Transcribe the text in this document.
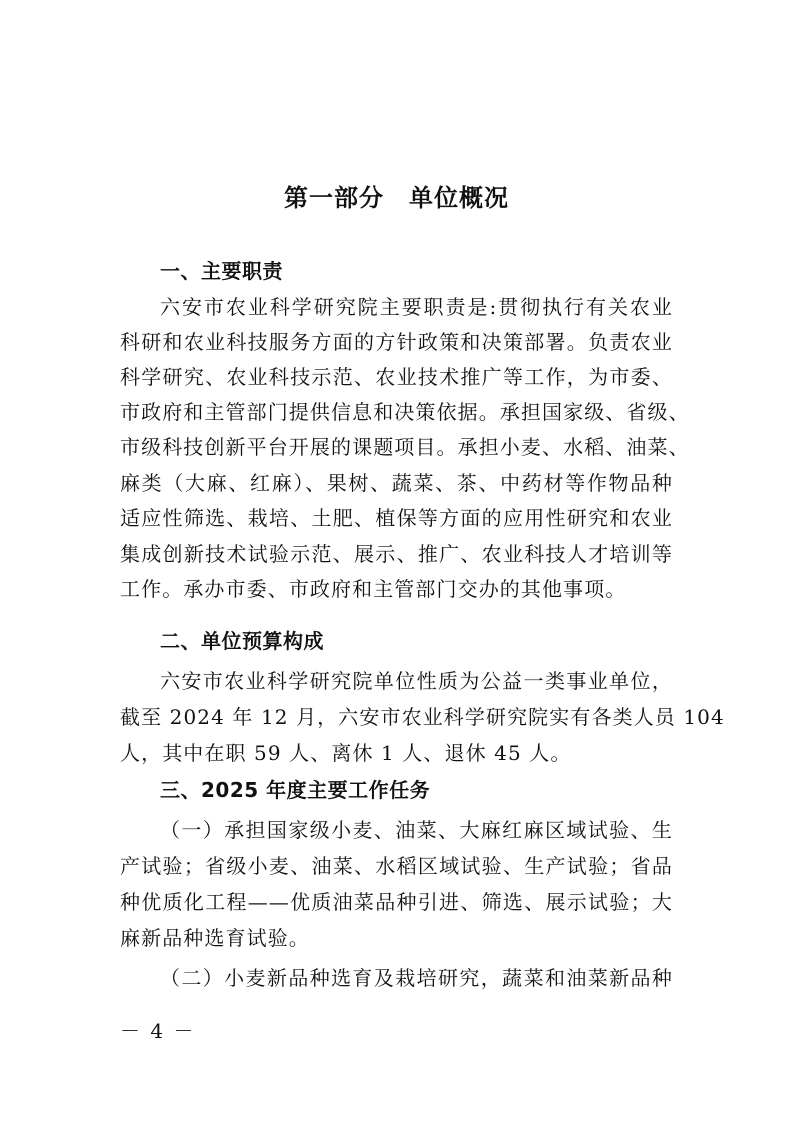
第一部分　单位概况
一、主要职责
六安市农业科学研究院主要职责是:贯彻执行有关农业
科研和农业科技服务方面的方针政策和决策部署。负责农业
科学研究、农业科技示范、农业技术推广等工作，为市委、
市政府和主管部门提供信息和决策依据。承担国家级、省级、
市级科技创新平台开展的课题项目。承担小麦、水稻、油菜、
麻类（大麻、红麻）、果树、蔬菜、茶、中药材等作物品种
适应性筛选、栽培、土肥、植保等方面的应用性研究和农业
集成创新技术试验示范、展示、推广、农业科技人才培训等
工作。承办市委、市政府和主管部门交办的其他事项。
二、单位预算构成
六安市农业科学研究院单位性质为公益一类事业单位，
截至 2024 年 12 月，六安市农业科学研究院实有各类人员 104
人，其中在职 59 人、离休 1 人、退休 45 人。
三、2025 年度主要工作任务
（一）承担国家级小麦、油菜、大麻红麻区域试验、生
产试验；省级小麦、油菜、水稻区域试验、生产试验；省品
种优质化工程——优质油菜品种引进、筛选、展示试验；大
麻新品种选育试验。
（二）小麦新品种选育及栽培研究，蔬菜和油菜新品种
－ 4 －
